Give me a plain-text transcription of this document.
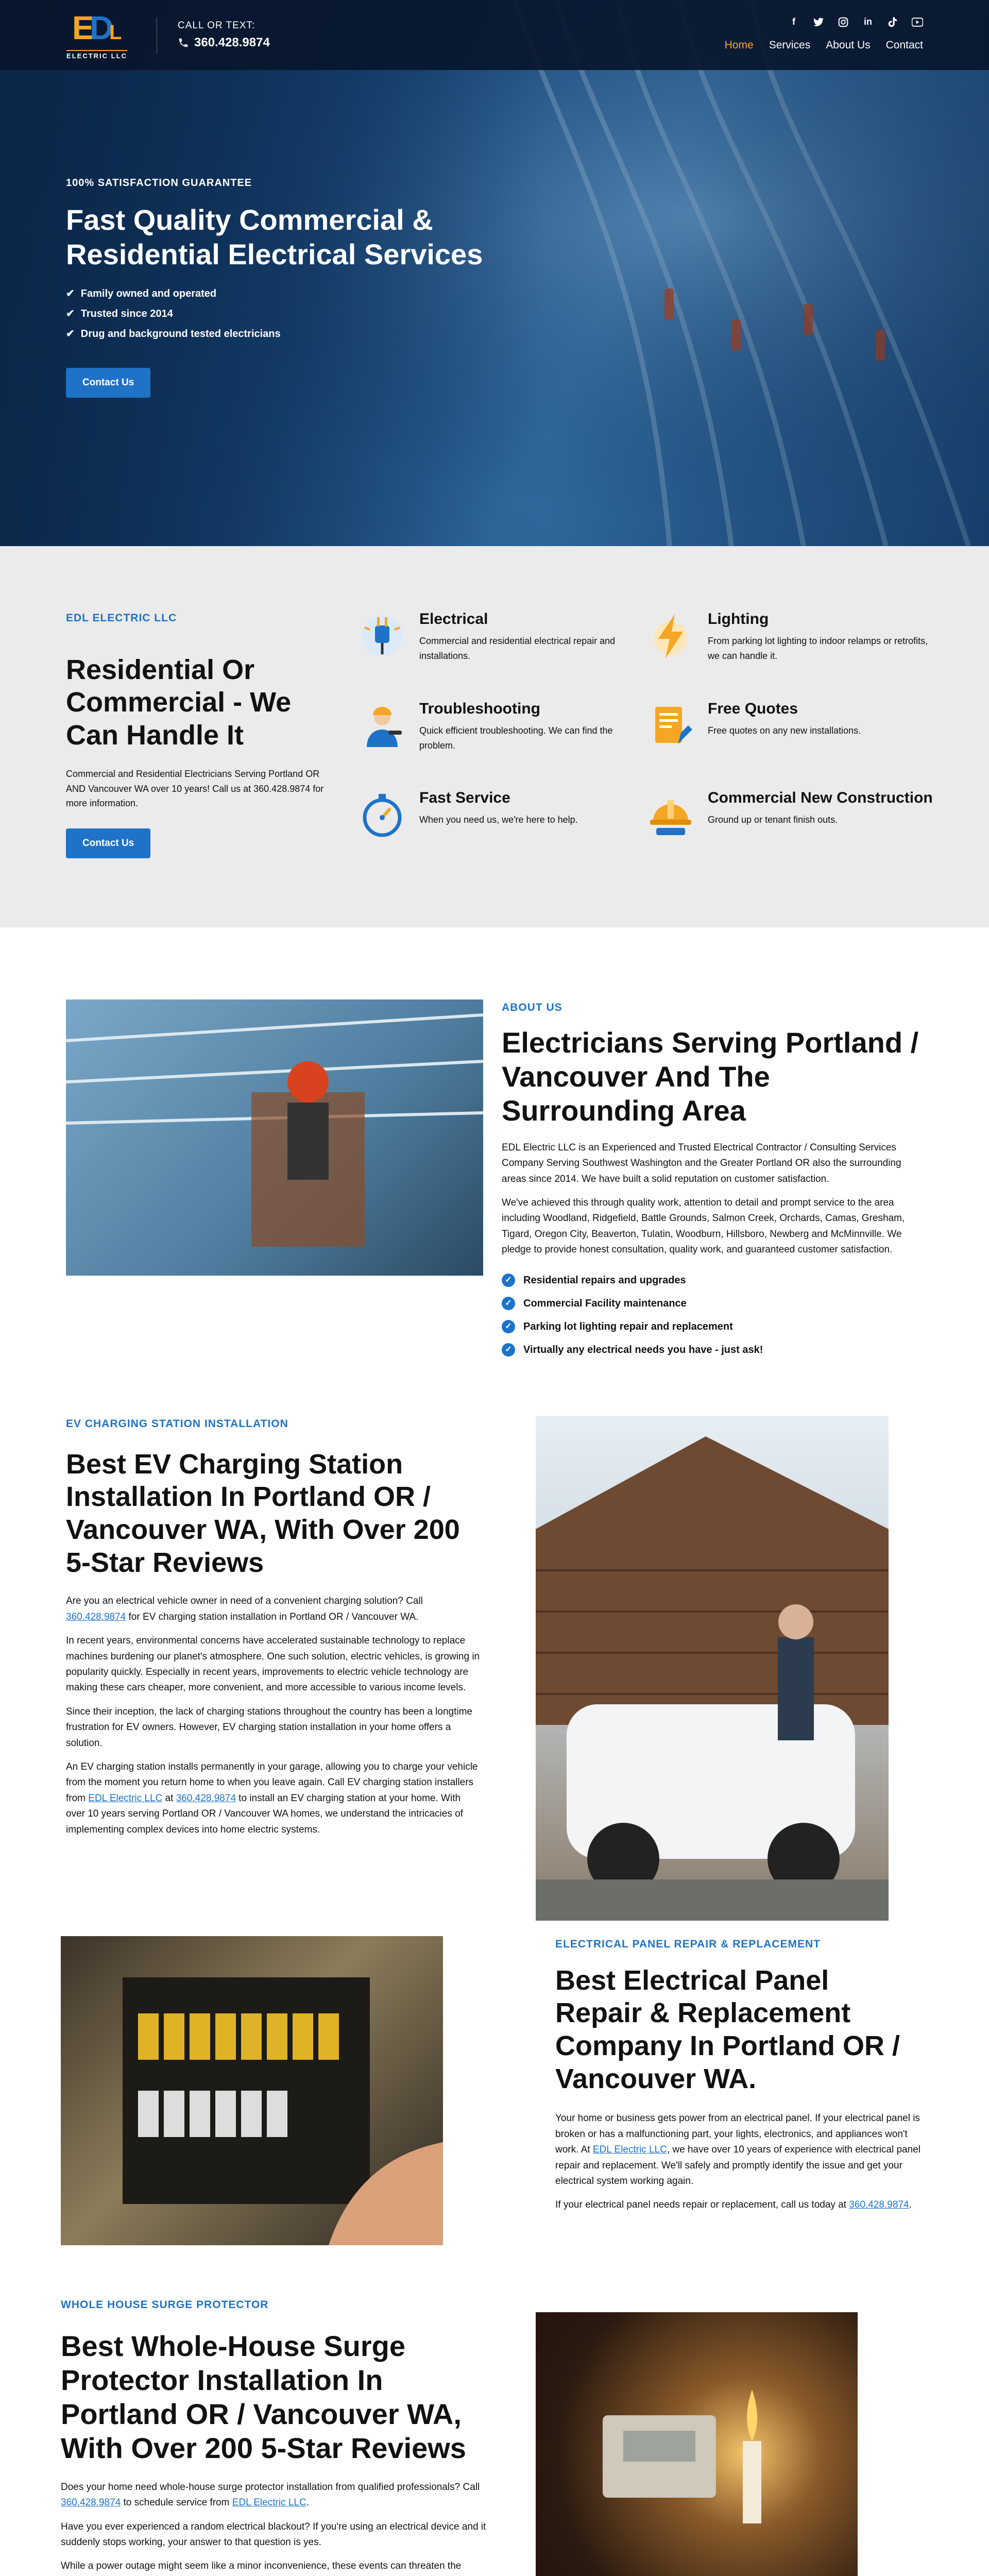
E
D
L
ELECTRIC LLC
CALL OR TEXT:
360.428.9874
f	in
Home Services About Us Contact
100% SATISFACTION GUARANTEE
Fast Quality Commercial & Residential Electrical Services
✔ Family owned and operated
✔ Trusted since 2014
✔ Drug and background tested electricians
Contact Us
EDL ELECTRIC LLC
Residential Or Commercial - We Can Handle It

Commercial and Residential Electricians Serving Portland OR AND Vancouver WA over 10 years! Call us at 360.428.9874 for more information.

Contact Us
Electrical

Commercial and residential electrical repair and installations.

Lighting

From parking lot lighting to indoor relamps or retrofits, we can handle it.

Troubleshooting

Quick efficient troubleshooting. We can find the problem.

Free Quotes

Free quotes on any new installations.

Fast Service

When you need us, we're here to help.

Commercial New Construction

Ground up or tenant finish outs.

ABOUT US
Electricians Serving Portland / Vancouver And The Surrounding Area

EDL Electric LLC is an Experienced and Trusted Electrical Contractor / Consulting Services Company Serving Southwest Washington and the Greater Portland OR also the surrounding areas since 2014. We have built a solid reputation on customer satisfaction.

We've achieved this through quality work, attention to detail and prompt service to the area including Woodland, Ridgefield, Battle Grounds, Salmon Creek, Orchards, Camas, Gresham, Tigard, Oregon City, Beaverton, Tulatin, Woodburn, Hillsboro, Newberg and McMinnville. We pledge to provide honest consultation, quality work, and guaranteed customer satisfaction.

✓	Residential repairs and upgrades
✓	Commercial Facility maintenance
✓	Parking lot lighting repair and replacement
✓	Virtually any electrical needs you have - just ask!
EV CHARGING STATION INSTALLATION
Best EV Charging Station Installation In Portland OR / Vancouver WA, With Over 200 5-Star Reviews

Are you an electrical vehicle owner in need of a convenient charging solution? Call 360.428.9874 for EV charging station installation in Portland OR / Vancouver WA.

In recent years, environmental concerns have accelerated sustainable technology to replace machines burdening our planet's atmosphere. One such solution, electric vehicles, is growing in popularity quickly. Especially in recent years, improvements to electric vehicle technology are making these cars cheaper, more convenient, and more accessible to various income levels.

Since their inception, the lack of charging stations throughout the country has been a longtime frustration for EV owners. However, EV charging station installation in your home offers a solution.

An EV charging station installs permanently in your garage, allowing you to charge your vehicle from the moment you return home to when you leave again. Call EV charging station installers from EDL Electric LLC at 360.428.9874 to install an EV charging station at your home. With over 10 years serving Portland OR / Vancouver WA homes, we understand the intricacies of implementing complex devices into home electric systems.

ELECTRICAL PANEL REPAIR & REPLACEMENT
Best Electrical Panel Repair & Replacement Company In Portland OR / Vancouver WA.

Your home or business gets power from an electrical panel. If your electrical panel is broken or has a malfunctioning part, your lights, electronics, and appliances won't work. At EDL Electric LLC, we have over 10 years of experience with electrical panel repair and replacement. We'll safely and promptly identify the issue and get your electrical system working again.

If your electrical panel needs repair or replacement, call us today at 360.428.9874.

WHOLE HOUSE SURGE PROTECTOR
Best Whole-House Surge Protector Installation In Portland OR / Vancouver WA, With Over 200 5-Star Reviews

Does your home need whole-house surge protector installation from qualified professionals? Call 360.428.9874 to schedule service from EDL Electric LLC.

Have you ever experienced a random electrical blackout? If you're using an electrical device and it suddenly stops working, your answer to that question is yes.

While a power outage might seem like a minor inconvenience, these events can threaten the
